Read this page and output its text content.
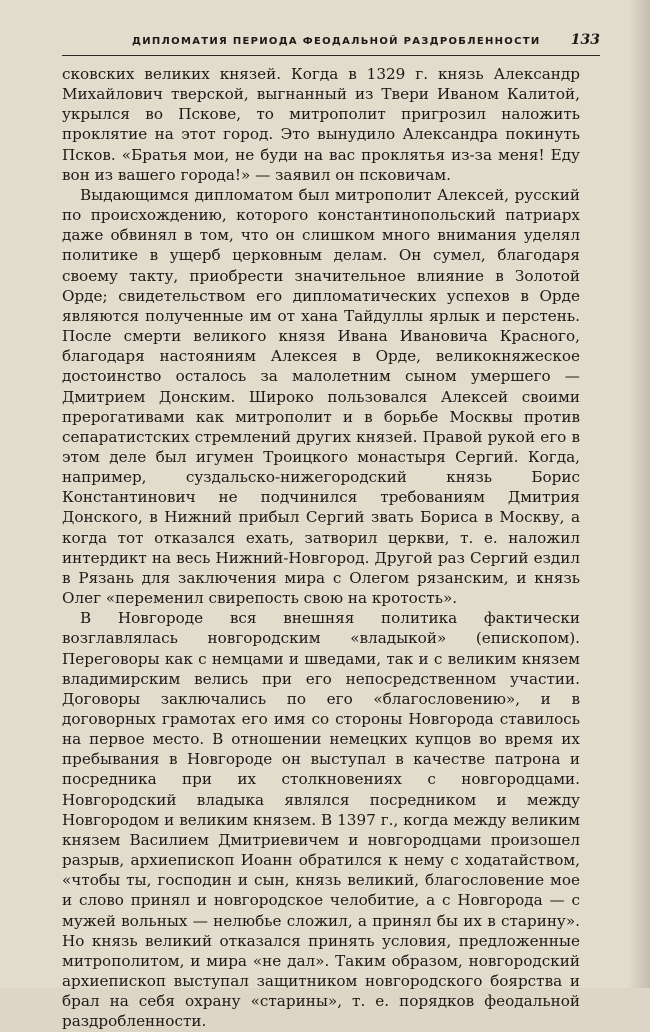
ДИПЛОМАТИЯ ПЕРИОДА ФЕОДАЛЬНОЙ РАЗДРОБЛЕННОСТИ 133

сковских великих князей. Когда в 1329 г. князь Александр Михайлович тверской, выгнанный из Твери Иваном Калитой, укрылся во Пскове, то митрополит пригрозил наложить проклятие на этот город. Это вынудило Александра покинуть Псков. «Братья мои, не буди на вас проклятья из-за меня! Еду вон из вашего города!» — заявил он псковичам.

Выдающимся дипломатом был митрополит Алексей, русский по происхождению, которого константинопольский патриарх даже обвинял в том, что он слишком много внимания уделял политике в ущерб церковным делам. Он сумел, благодаря своему такту, приобрести значительное влияние в Золотой Орде; свидетельством его дипломатических успехов в Орде являются полученные им от хана Тайдуллы ярлык и перстень. После смерти великого князя Ивана Ивановича Красного, благодаря настояниям Алексея в Орде, великокняжеское достоинство осталось за малолетним сыном умершего — Дмитрием Донским. Широко пользовался Алексей своими прерогативами как митрополит и в борьбе Москвы против сепаратистских стремлений других князей. Правой рукой его в этом деле был игумен Троицкого монастыря Сергий. Когда, например, суздальско-нижегородский князь Борис Константинович не подчинился требованиям Дмитрия Донского, в Нижний прибыл Сергий звать Бориса в Москву, а когда тот отказался ехать, затворил церкви, т. е. наложил интердикт на весь Нижний-Новгород. Другой раз Сергий ездил в Рязань для заключения мира с Олегом рязанским, и князь Олег «переменил свирепость свою на кротость».

В Новгороде вся внешняя политика фактически возглавлялась новгородским «владыкой» (епископом). Переговоры как с немцами и шведами, так и с великим князем владимирским велись при его непосредственном участии. Договоры заключались по его «благословению», и в договорных грамотах его имя со стороны Новгорода ставилось на первое место. В отношении немецких купцов во время их пребывания в Новгороде он выступал в качестве патрона и посредника при их столкновениях с новгородцами. Новгородский владыка являлся посредником и между Новгородом и великим князем. В 1397 г., когда между великим князем Василием Дмитриевичем и новгородцами произошел разрыв, архиепископ Иоанн обратился к нему с ходатайством, «чтобы ты, господин и сын, князь великий, благословение мое и слово принял и новгородское челобитие, а с Новгорода — с мужей вольных — нелюбье сложил, а принял бы их в старину». Но князь великий отказался принять условия, предложенные митрополитом, и мира «не дал». Таким образом, новгородский архиепископ выступал защитником новгородского боярства и брал на себя охрану «старины», т. е. порядков феодальной раздробленности.
